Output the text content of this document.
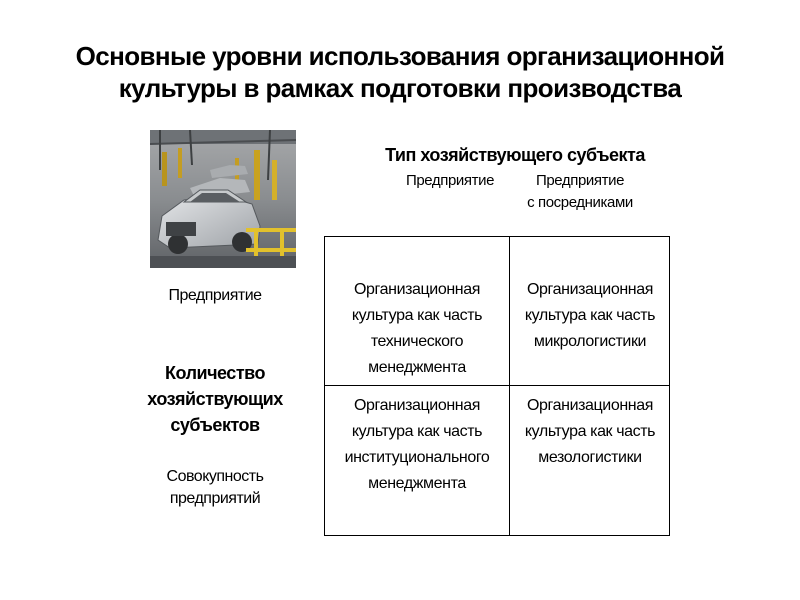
Основные уровни использования организационной
культуры в рамках подготовки производства
Предприятие
Количество
хозяйствующих
субъектов
Совокупность
предприятий
Тип хозяйствующего субъекта
Предприятие	Предприятие
с посредниками
Организационная
культура как часть
технического
менеджмента
Организационная
культура как часть
микрологистики
Организационная
культура как часть
институционального
менеджмента
Организационная
культура как часть
мезологистики
